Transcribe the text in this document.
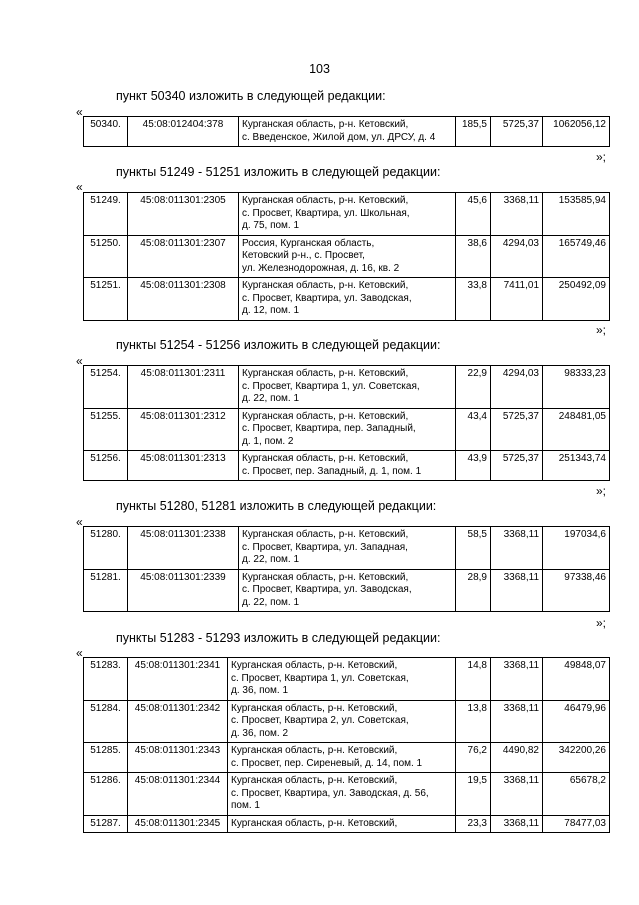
103
пункт 50340 изложить в следующей редакции:
«
50340.	45:08:012404:378	Курганская область, р-н. Кетовский,
с. Введенское, Жилой дом, ул. ДРСУ, д. 4
	185,5	5725,37	1062056,12
»;
пункты 51249 - 51251 изложить в следующей редакции:
«
51249.	45:08:011301:2305	Курганская область, р-н. Кетовский,
с. Просвет, Квартира, ул. Школьная,
д. 75, пом. 1	45,6	3368,11	153585,94
51250.	45:08:011301:2307	Россия, Курганская область,
Кетовский р-н., с. Просвет,
ул. Железнодорожная, д. 16, кв. 2	38,6	4294,03	165749,46
51251.	45:08:011301:2308	Курганская область, р-н. Кетовский,
с. Просвет, Квартира, ул. Заводская,
д. 12, пом. 1	33,8	7411,01	250492,09
»;
пункты 51254 - 51256 изложить в следующей редакции:
«
51254.	45:08:011301:2311	Курганская область, р-н. Кетовский,
с. Просвет, Квартира 1, ул. Советская,
д. 22, пом. 1	22,9	4294,03	98333,23
51255.	45:08:011301:2312	Курганская область, р-н. Кетовский,
с. Просвет, Квартира, пер. Западный,
д. 1, пом. 2	43,4	5725,37	248481,05
51256.	45:08:011301:2313	Курганская область, р-н. Кетовский,
с. Просвет, пер. Западный, д. 1, пом. 1	43,9	5725,37	251343,74
»;
пункты 51280, 51281 изложить в следующей редакции:
«
51280.	45:08:011301:2338	Курганская область, р-н. Кетовский,
с. Просвет, Квартира, ул. Западная,
д. 22, пом. 1	58,5	3368,11	197034,6
51281.	45:08:011301:2339	Курганская область, р-н. Кетовский,
с. Просвет, Квартира, ул. Заводская,
д. 22, пом. 1	28,9	3368,11	97338,46
»;
пункты 51283 - 51293 изложить в следующей редакции:
«
51283.	45:08:011301:2341	Курганская область, р-н. Кетовский,
с. Просвет, Квартира 1, ул. Советская,
д. 36, пом. 1	14,8	3368,11	49848,07
51284.	45:08:011301:2342	Курганская область, р-н. Кетовский,
с. Просвет, Квартира 2, ул. Советская,
д. 36, пом. 2	13,8	3368,11	46479,96
51285.	45:08:011301:2343	Курганская область, р-н. Кетовский,
с. Просвет, пер. Сиреневый, д. 14, пом. 1	76,2	4490,82	342200,26
51286.	45:08:011301:2344	Курганская область, р-н. Кетовский,
с. Просвет, Квартира, ул. Заводская, д. 56,
пом. 1	19,5	3368,11	65678,2
51287.	45:08:011301:2345	Курганская область, р-н. Кетовский,	23,3	3368,11	78477,03
